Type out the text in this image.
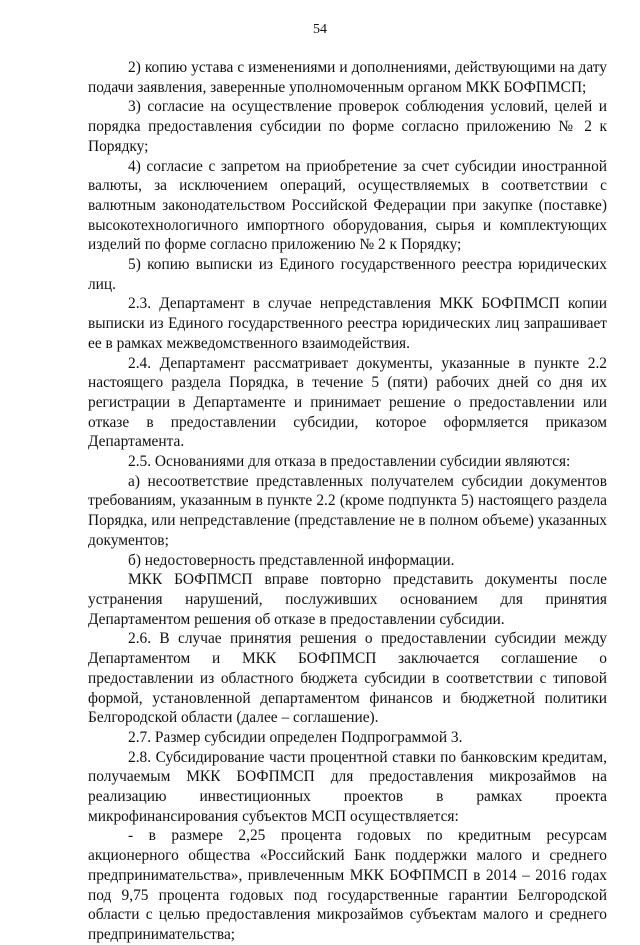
54

2) копию устава с изменениями и дополнениями, действующими на дату подачи заявления, заверенные уполномоченным органом МКК БОФПМСП;

3) согласие на осуществление проверок соблюдения условий, целей и порядка предоставления субсидии по форме согласно приложению № 2 к Порядку;

4) согласие с запретом на приобретение за счет субсидии иностранной валюты, за исключением операций, осуществляемых в соответствии с валютным законодательством Российской Федерации при закупке (поставке) высокотехнологичного импортного оборудования, сырья и комплектующих изделий по форме согласно приложению № 2 к Порядку;

5) копию выписки из Единого государственного реестра юридических лиц.

2.3. Департамент в случае непредставления МКК БОФПМСП копии выписки из Единого государственного реестра юридических лиц запрашивает ее в рамках межведомственного взаимодействия.

2.4. Департамент рассматривает документы, указанные в пункте 2.2 настоящего раздела Порядка, в течение 5 (пяти) рабочих дней со дня их регистрации в Департаменте и принимает решение о предоставлении или отказе в предоставлении субсидии, которое оформляется приказом Департамента.

2.5. Основаниями для отказа в предоставлении субсидии являются:

а) несоответствие представленных получателем субсидии документов требованиям, указанным в пункте 2.2 (кроме подпункта 5) настоящего раздела Порядка, или непредставление (представление не в полном объеме) указанных документов;

б) недостоверность представленной информации.

МКК БОФПМСП вправе повторно представить документы после устранения нарушений, послуживших основанием для принятия Департаментом решения об отказе в предоставлении субсидии.

2.6. В случае принятия решения о предоставлении субсидии между Департаментом и МКК БОФПМСП заключается соглашение о предоставлении из областного бюджета субсидии в соответствии с типовой формой, установленной департаментом финансов и бюджетной политики Белгородской области (далее – соглашение).

2.7. Размер субсидии определен Подпрограммой 3.

2.8. Субсидирование части процентной ставки по банковским кредитам, получаемым МКК БОФПМСП для предоставления микрозаймов на реализацию инвестиционных проектов в рамках проекта микрофинансирования субъектов МСП осуществляется:

- в размере 2,25 процента годовых по кредитным ресурсам акционерного общества «Российский Банк поддержки малого и среднего предпринимательства», привлеченным МКК БОФПМСП в 2014 – 2016 годах под 9,75 процента годовых под государственные гарантии Белгородской области с целью предоставления микрозаймов субъектам малого и среднего предпринимательства;
